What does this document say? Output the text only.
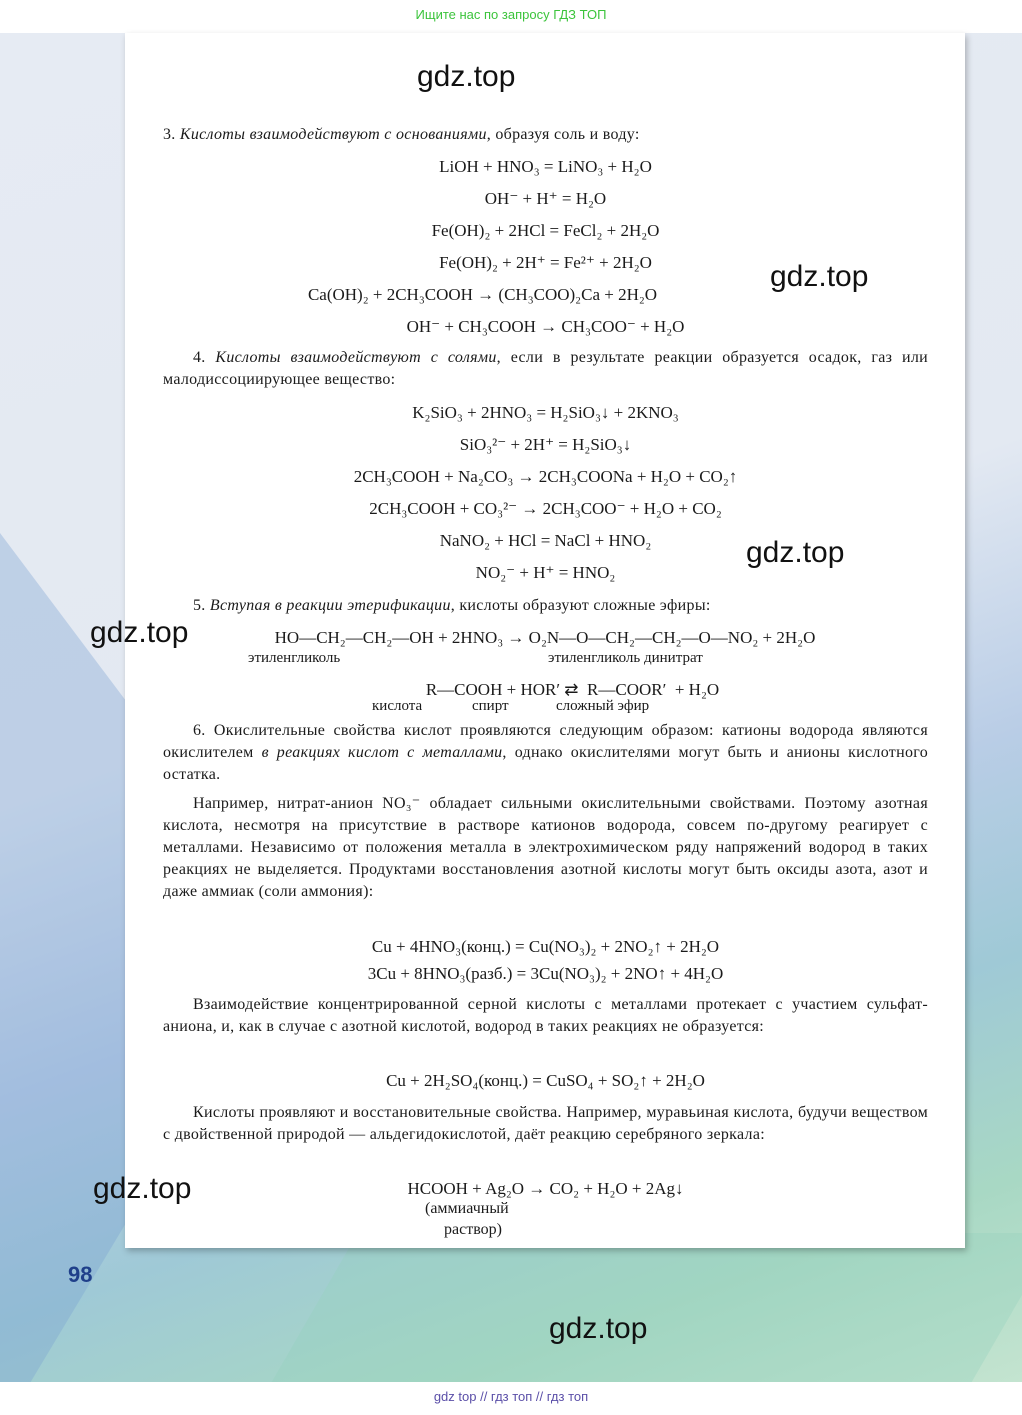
Ищите нас по запросу ГДЗ ТОП
3. Кислоты взаимодействуют с основаниями, образуя соль и воду:
LiOH + HNO₃ = LiNO₃ + H₂O
OH⁻ + H⁺ = H₂O
Fe(OH)₂ + 2HCl = FeCl₂ + 2H₂O
Fe(OH)₂ + 2H⁺ = Fe²⁺ + 2H₂O
Ca(OH)₂ + 2CH₃COOH → (CH₃COO)₂Ca + 2H₂O
OH⁻ + CH₃COOH → CH₃COO⁻ + H₂O
4. Кислоты взаимодействуют с солями, если в результате реакции образуется осадок, газ или малодиссоциирующее вещество:
K₂SiO₃ + 2HNO₃ = H₂SiO₃↓ + 2KNO₃
SiO₃²⁻ + 2H⁺ = H₂SiO₃↓
2CH₃COOH + Na₂CO₃ → 2CH₃COONa + H₂O + CO₂↑
2CH₃COOH + CO₃²⁻ → 2CH₃COO⁻ + H₂O + CO₂
NaNO₂ + HCl = NaCl + HNO₂
NO₂⁻ + H⁺ = HNO₂
5. Вступая в реакции этерификации, кислоты образуют сложные эфиры:
HO—CH₂—CH₂—OH + 2HNO₃ → O₂N—O—CH₂—CH₂—O—NO₂ + 2H₂O
этиленгликоль	этиленгликоль динитрат
R—COOH + HOR′ ⇄  R—COOR′  + H₂O
кислота	спирт	сложный эфир
6. Окислительные свойства кислот проявляются следующим образом: катионы водорода являются окислителем в реакциях кислот с металлами, однако окислителями могут быть и анионы кислотного остатка.
Например, нитрат-анион NO₃⁻ обладает сильными окислительными свойствами. Поэтому азотная кислота, несмотря на присутствие в растворе катионов водорода, совсем по-другому реагирует с металлами. Независимо от положения металла в электрохимическом ряду напряжений водород в таких реакциях не выделяется. Продуктами восстановления азотной кислоты могут быть оксиды азота, азот и даже аммиак (соли аммония):
Cu + 4HNO₃(конц.) = Cu(NO₃)₂ + 2NO₂↑ + 2H₂O
3Cu + 8HNO₃(разб.) = 3Cu(NO₃)₂ + 2NO↑ + 4H₂O
Взаимодействие концентрированной серной кислоты с металлами протекает с участием сульфат-аниона, и, как в случае с азотной кислотой, водород в таких реакциях не образуется:
Cu + 2H₂SO₄(конц.) = CuSO₄ + SO₂↑ + 2H₂O
Кислоты проявляют и восстановительные свойства. Например, муравьиная кислота, будучи веществом с двойственной природой — альдегидокислотой, даёт реакцию серебряного зеркала:
HCOOH + Ag₂O → CO₂ + H₂O + 2Ag↓
(аммиачный
раствор)
gdz.top
gdz.top
gdz.top
gdz.top
gdz.top
gdz.top
98
gdz top // гдз топ // гдз топ
